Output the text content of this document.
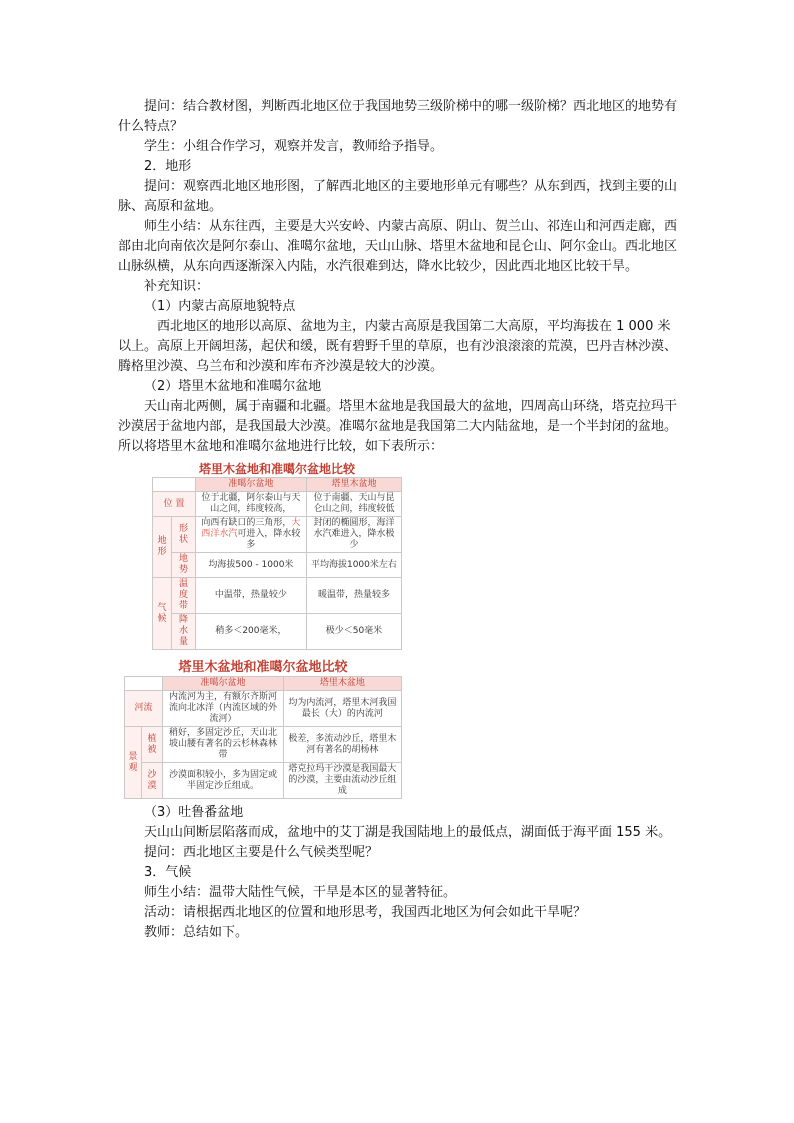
提问：结合教材图，判断西北地区位于我国地势三级阶梯中的哪一级阶梯？西北地区的地势有什么特点？

学生：小组合作学习，观察并发言，教师给予指导。

2．地形

提问：观察西北地区地形图，了解西北地区的主要地形单元有哪些？从东到西，找到主要的山脉、高原和盆地。

师生小结：从东往西，主要是大兴安岭、内蒙古高原、阴山、贺兰山、祁连山和河西走廊，西部由北向南依次是阿尔泰山、准噶尔盆地，天山山脉、塔里木盆地和昆仑山、阿尔金山。西北地区山脉纵横，从东向西逐渐深入内陆，水汽很难到达，降水比较少，因此西北地区比较干旱。

补充知识：

（1）内蒙古高原地貌特点

西北地区的地形以高原、盆地为主，内蒙古高原是我国第二大高原，平均海拔在 1 000 米以上。高原上开阔坦荡，起伏和缓，既有碧野千里的草原，也有沙浪滚滚的荒漠，巴丹吉林沙漠、腾格里沙漠、乌兰布和沙漠和库布齐沙漠是较大的沙漠。

（2）塔里木盆地和准噶尔盆地

天山南北两侧，属于南疆和北疆。塔里木盆地是我国最大的盆地，四周高山环绕，塔克拉玛干沙漠居于盆地内部，是我国最大沙漠。准噶尔盆地是我国第二大内陆盆地，是一个半封闭的盆地。所以将塔里木盆地和准噶尔盆地进行比较，如下表所示：

塔里木盆地和准噶尔盆地比较
		准噶尔盆地	塔里木盆地
位 置		位于北疆，阿尔泰山与天山之间，纬度较高，	位于南疆、天山与昆仑山之间，纬度较低
地形	形状	向西有缺口的三角形，大西洋水汽可进入，降水较多	封闭的椭圆形，海洋水汽难进入，降水极少
	地势	均海拔500 - 1000米	平均海拔1000米左右
气候	温度带	中温带，热量较少	暖温带，热量较多
	降水量	稍多＜200毫米，	极少＜50毫米
塔里木盆地和准噶尔盆地比较
		准噶尔盆地	塔里木盆地
河流		内流河为主，有额尔齐斯河流向北冰洋（内流区域的外流河）	均为内流河，塔里木河我国最长（大）的内流河
景观	植被	稍好，多固定沙丘，天山北坡山腰有著名的云杉林森林带	极差，多流动沙丘，塔里木河有著名的胡杨林
	沙漠	沙漠面积较小，多为固定或半固定沙丘组成。	塔克拉玛干沙漠是我国最大的沙漠，主要由流动沙丘组成

（3）吐鲁番盆地

天山山间断层陷落而成，盆地中的艾丁湖是我国陆地上的最低点，湖面低于海平面 155 米。

提问：西北地区主要是什么气候类型呢？

3．气候

师生小结：温带大陆性气候，干旱是本区的显著特征。

活动：请根据西北地区的位置和地形思考，我国西北地区为何会如此干旱呢？

教师：总结如下。
